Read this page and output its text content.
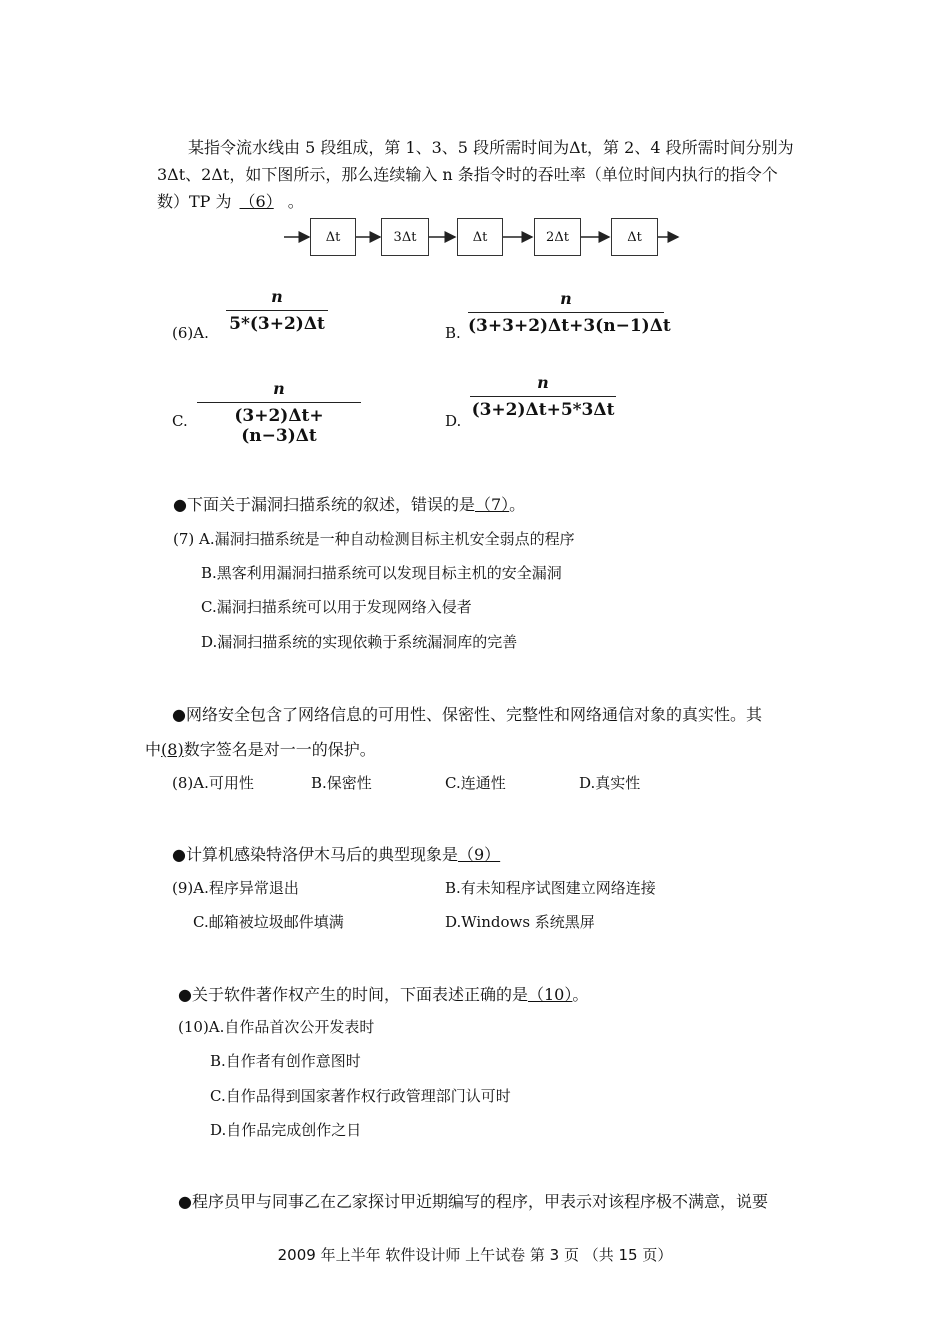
某指令流水线由 5 段组成，第 1、3、5 段所需时间为Δt，第 2、4 段所需时间分别为
3Δt、2Δt，如下图所示，那么连续输入 n 条指令时的吞吐率（单位时间内执行的指令个
数）TP 为 （6） 。
Δt	3Δt	Δt	2Δt	Δt
(6)A.
n
5*(3+2)Δt	B.
n
(3+3+2)Δt+3(n−1)Δt
C.
n
(3+2)Δt+(n−3)Δt
D.
n
(3+2)Δt+5*3Δt
●下面关于漏洞扫描系统的叙述，错误的是（7）。
(7) A.漏洞扫描系统是一种自动检测目标主机安全弱点的程序
B.黑客利用漏洞扫描系统可以发现目标主机的安全漏洞
C.漏洞扫描系统可以用于发现网络入侵者
D.漏洞扫描系统的实现依赖于系统漏洞库的完善
●网络安全包含了网络信息的可用性、保密性、完整性和网络通信对象的真实性。其
中(8)数字签名是对一一的保护。
(8)A.可用性	B.保密性	C.连通性	D.真实性
●计算机感染特洛伊木马后的典型现象是（9）
(9)A.程序异常退出	B.有未知程序试图建立网络连接
C.邮箱被垃圾邮件填满	D.Windows 系统黑屏
●关于软件著作权产生的时间，下面表述正确的是（10）。
(10)A.自作品首次公开发表时
B.自作者有创作意图时
C.自作品得到国家著作权行政管理部门认可时
D.自作品完成创作之日
●程序员甲与同事乙在乙家探讨甲近期编写的程序，甲表示对该程序极不满意，说要
2009 年上半年 软件设计师 上午试卷 第 3 页 （共 15 页）
